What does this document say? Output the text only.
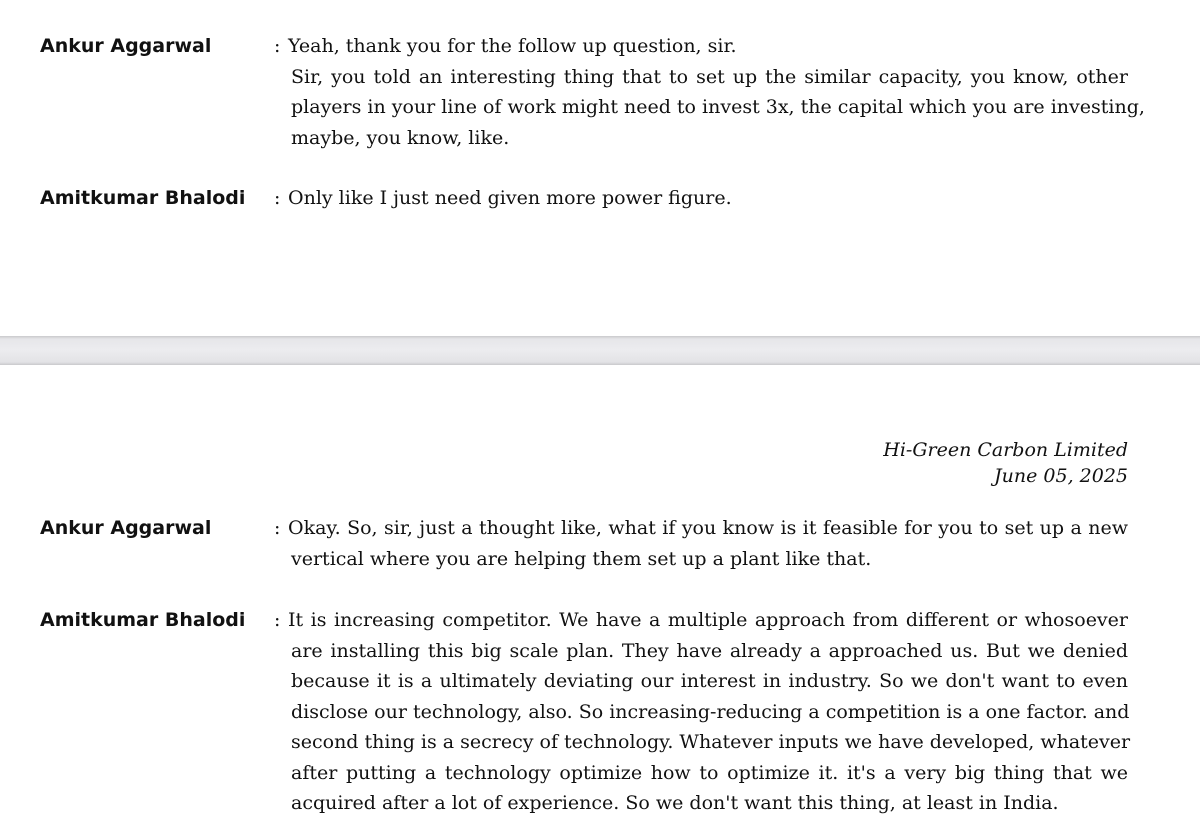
Ankur Aggarwal	: Yeah, thank you for the follow up question, sir.
Sir, you told an interesting thing that to set up the similar capacity, you know, other
players in your line of work might need to invest 3x, the capital which you are investing,
maybe, you know, like.
Amitkumar Bhalodi : Only like I just need given more power figure.
Hi-Green Carbon Limited
June 05, 2025
Ankur Aggarwal	: Okay. So, sir, just a thought like, what if you know is it feasible for you to set up a new
vertical where you are helping them set up a plant like that.
Amitkumar Bhalodi : It is increasing competitor. We have a multiple approach from different or whosoever
are installing this big scale plan. They have already a approached us. But we denied
because it is a ultimately deviating our interest in industry. So we don't want to even
disclose our technology, also. So increasing-reducing a competition is a one factor. and
second thing is a secrecy of technology. Whatever inputs we have developed, whatever
after putting a technology optimize how to optimize it. it's a very big thing that we
acquired after a lot of experience. So we don't want this thing, at least in India.
